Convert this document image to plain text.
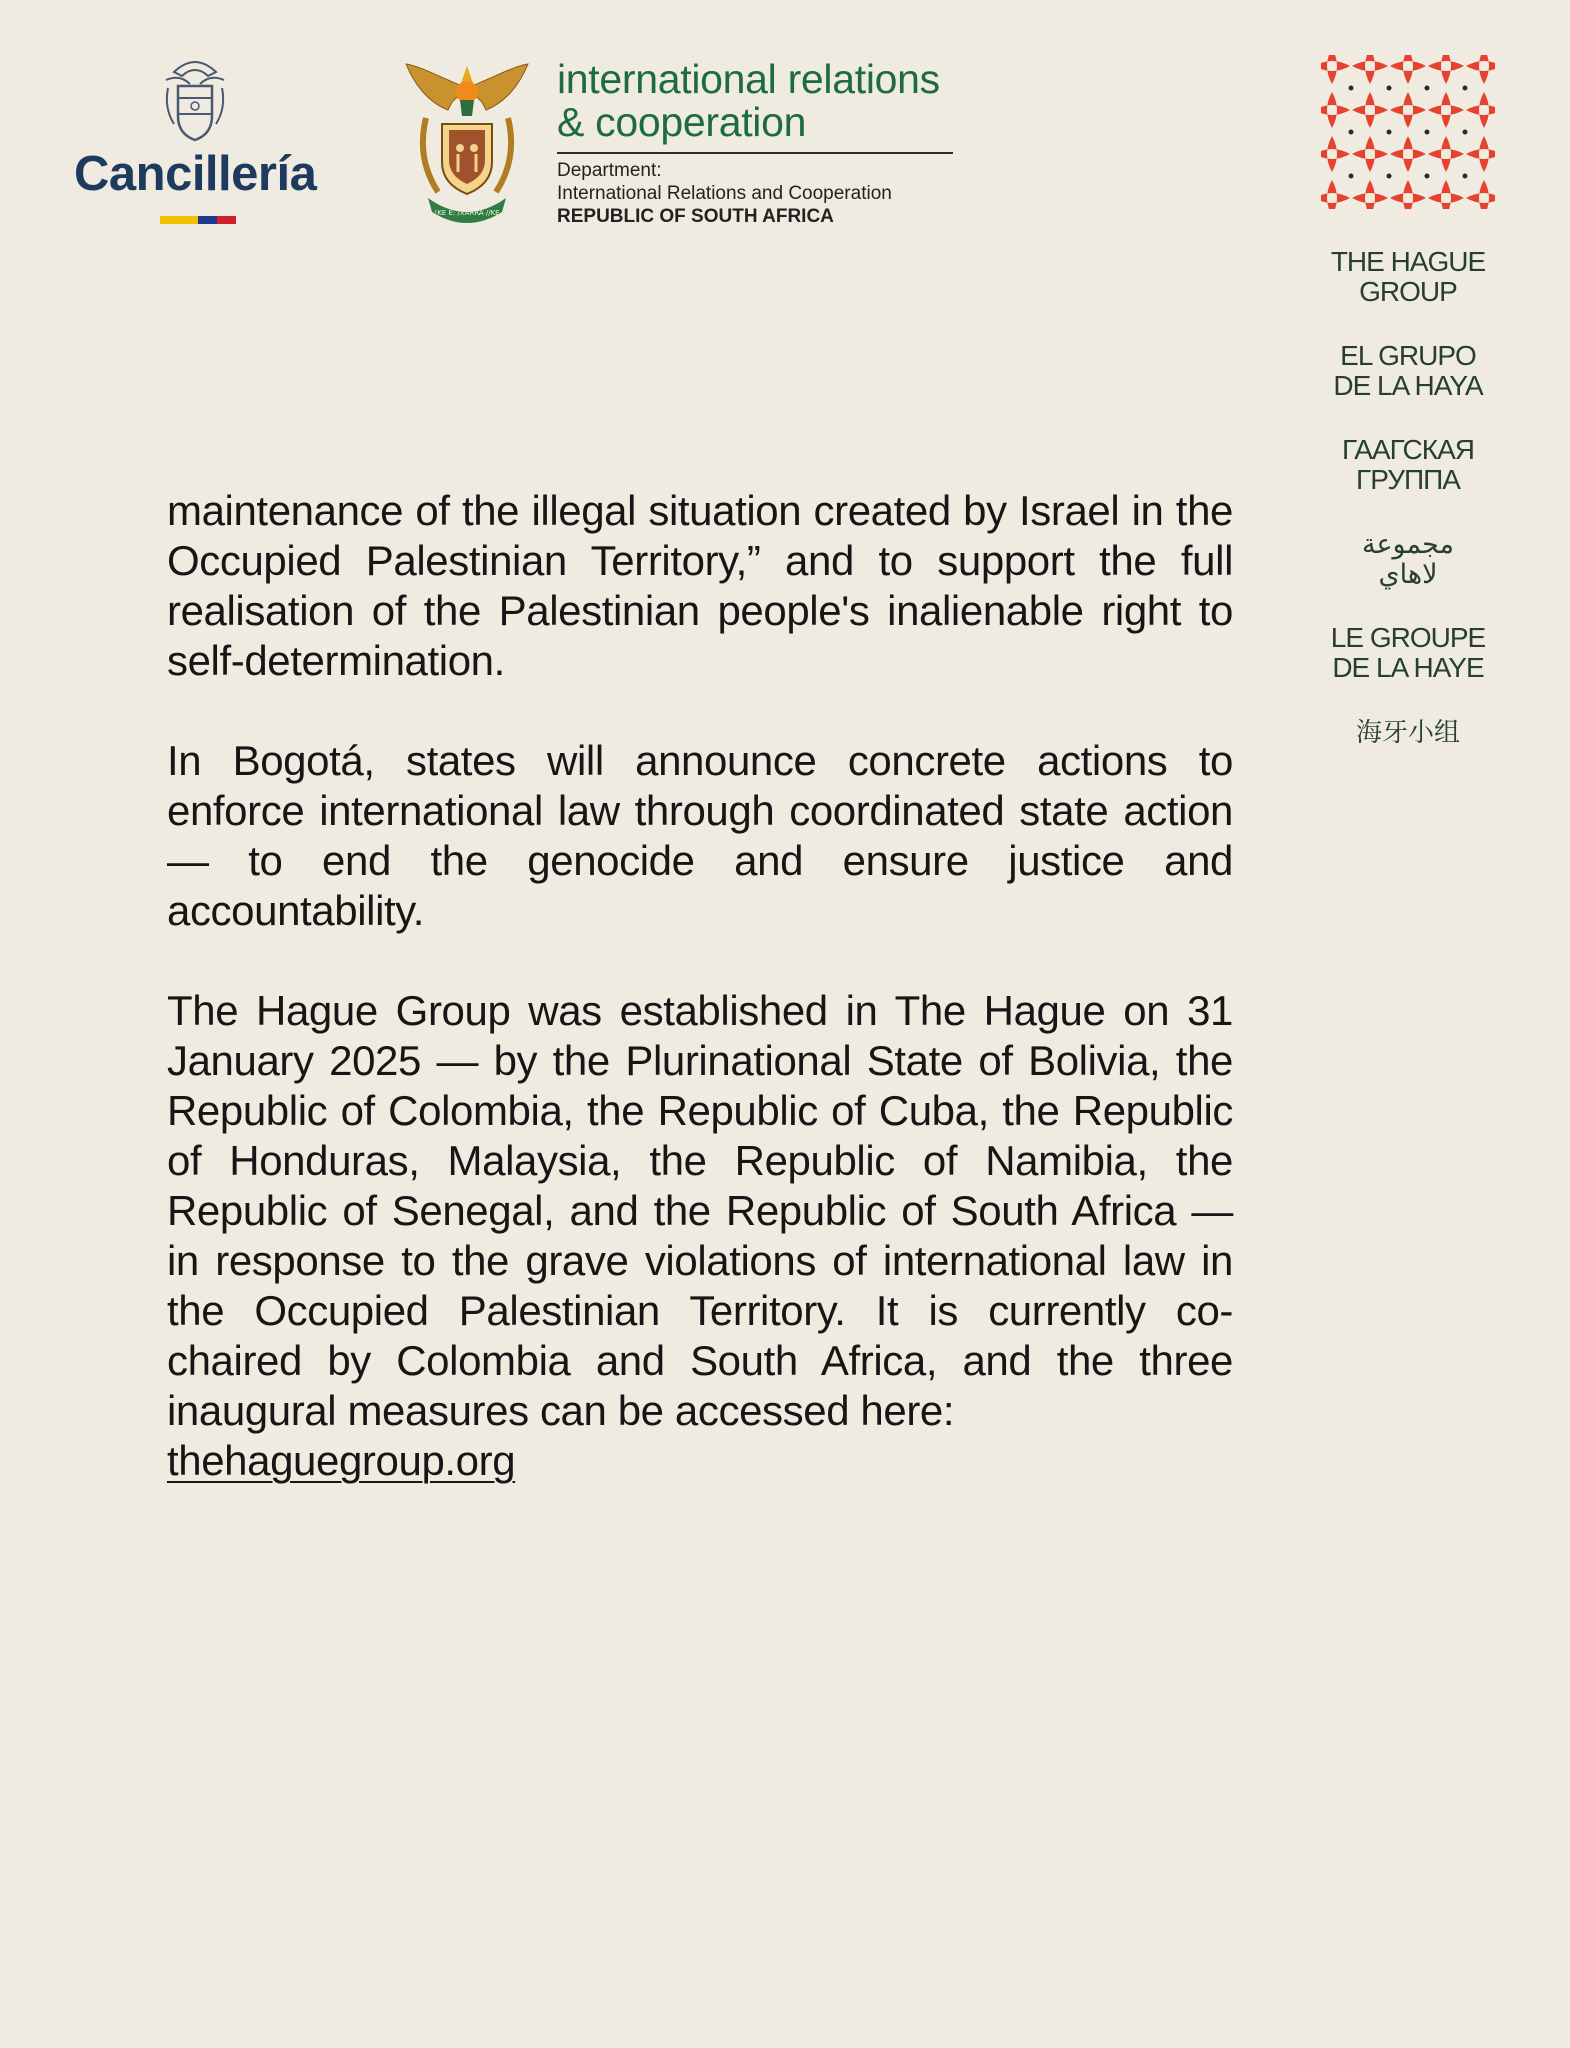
Cancillería
!KE E: /XARRA //KE
international relations
& cooperation
Department:
International Relations and Cooperation
REPUBLIC OF SOUTH AFRICA
THE HAGUE
GROUP
EL GRUPO
DE LA HAYA
ГААГСКАЯ
ГРУППА
مجموعة
لاهاي
LE GROUPE
DE LA HAYE
海牙小组

maintenance of the illegal situation created by Israel in the Occupied Palestinian Territory,” and to support the full realisation of the Palestinian people's inalienable right to self-determination.

In Bogotá, states will announce concrete actions to enforce international law through coordinated state action — to end the genocide and ensure justice and accountability.

The Hague Group was established in The Hague on 31 January 2025 — by the Plurinational State of Bolivia, the Republic of Colombia, the Republic of Cuba, the Republic of Honduras, Malaysia, the Republic of Namibia, the Republic of Senegal, and the Republic of South Africa — in response to the grave violations of international law in the Occupied Palestinian Territory. It is currently co-chaired by Colombia and South Africa, and the three inaugural measures can be accessed here:
thehaguegroup.org
